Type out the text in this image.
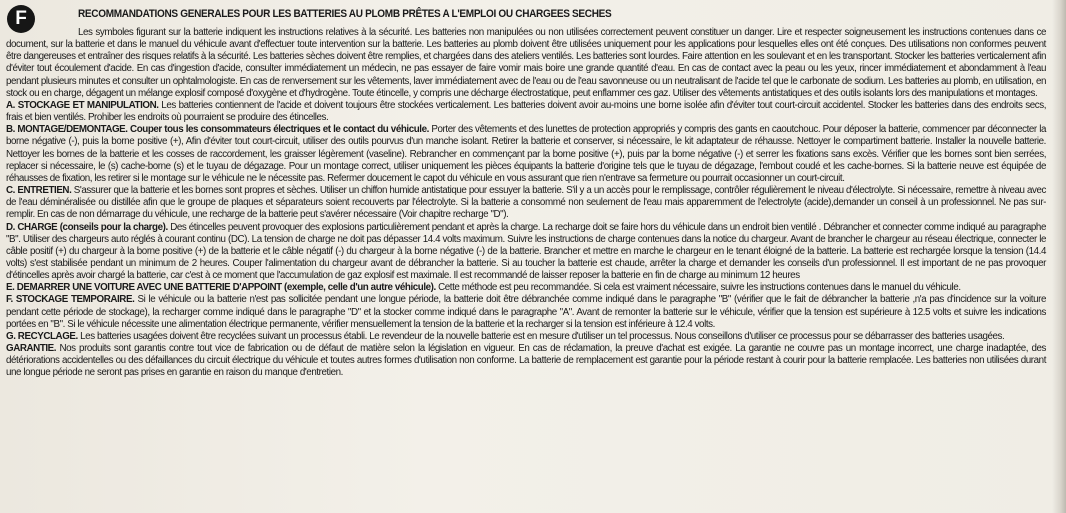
F	RECOMMANDATIONS GENERALES POUR LES BATTERIES AU PLOMB PRÊTES A L'EMPLOI OU CHARGEES SECHES

Les symboles figurant sur la batterie indiquent les instructions relatives à la sécurité. Les batteries non manipulées ou non utilisées correctement peuvent constituer un danger. Lire et respecter soigneusement les instructions contenues dans ce document, sur la batterie et dans le manuel du véhicule avant d'effectuer toute intervention sur la batterie. Les batteries au plomb doivent être utilisées uniquement pour les applications pour lesquelles elles ont été conçues. Des utilisations non conformes peuvent être dangereuses et entraîner des risques relatifs à la sécurité. Les batteries sèches doivent être remplies, et chargées dans des ateliers ventilés. Les batteries sont lourdes. Faire attention en les soulevant et en les transportant. Stocker les batteries verticalement afin d'éviter tout écoulement d'acide. En cas d'ingestion d'acide, consulter immédiatement un médecin, ne pas essayer de faire vomir mais boire une grande quantité d'eau. En cas de contact avec la peau ou les yeux, rincer immédiatement et abondamment à l'eau pendant plusieurs minutes et consulter un ophtalmologiste. En cas de renversement sur les vêtements, laver immédiatement avec de l'eau ou de l'eau savonneuse ou un neutralisant de l'acide tel que le carbonate de sodium. Les batteries au plomb, en utilisation, en stock ou en charge, dégagent un mélange explosif composé d'oxygène et d'hydrogène. Toute étincelle, y compris une décharge électrostatique, peut enflammer ces gaz. Utiliser des vêtements antistatiques et des outils isolants lors des manipulations et montages.

A. STOCKAGE ET MANIPULATION. Les batteries contiennent de l'acide et doivent toujours être stockées verticalement. Les batteries doivent avoir au-moins une borne isolée afin d'éviter tout court-circuit accidentel. Stocker les batteries dans des endroits secs, frais et bien ventilés. Prohiber les endroits où pourraient se produire des étincelles.

B. MONTAGE/DEMONTAGE. Couper tous les consommateurs électriques et le contact du véhicule. Porter des vêtements et des lunettes de protection appropriés y compris des gants en caoutchouc. Pour déposer la batterie, commencer par déconnecter la borne négative (-), puis la borne positive (+), Afin d'éviter tout court-circuit, utiliser des outils pourvus d'un manche isolant. Retirer la batterie et conserver, si nécessaire, le kit adaptateur de réhausse. Nettoyer le compartiment batterie. Installer la nouvelle batterie. Nettoyer les bornes de la batterie et les cosses de raccordement, les graisser légèrement (vaseline). Rebrancher en commençant par la borne positive (+), puis par la borne négative (-) et serrer les fixations sans excès. Vérifier que les bornes sont bien serrées, replacer si nécessaire, le (s) cache-borne (s) et le tuyau de dégazage. Pour un montage correct, utiliser uniquement les pièces équipants la batterie d'origine tels que le tuyau de dégazage, l'embout coudé et les cache-bornes. Si la batterie neuve est équipée de réhausses de fixation, les retirer si le montage sur le véhicule ne le nécessite pas. Refermer doucement le capot du véhicule en vous assurant que rien n'entrave sa fermeture ou pourrait occasionner un court-circuit.

C. ENTRETIEN. S'assurer que la batterie et les bornes sont propres et sèches. Utiliser un chiffon humide antistatique pour essuyer la batterie. S'il y a un accès pour le remplissage, contrôler régulièrement le niveau d'électrolyte. Si nécessaire, remettre à niveau avec de l'eau déminéralisée ou distillée afin que le groupe de plaques et séparateurs soient recouverts par l'électrolyte. Si la batterie a consommé non seulement de l'eau mais apparemment de l'electrolyte (acide),demander un conseil à un professionnel. Ne pas sur-remplir. En cas de non démarrage du véhicule, une recharge de la batterie peut s'avérer nécessaire (Voir chapitre recharge "D").

D. CHARGE (conseils pour la charge). Des étincelles peuvent provoquer des explosions particulièrement pendant et après la charge. La recharge doit se faire hors du véhicule dans un endroit bien ventilé . Débrancher et connecter comme indiqué au paragraphe "B". Utiliser des chargeurs auto réglés à courant continu (DC). La tension de charge ne doit pas dépasser 14.4 volts maximum. Suivre les instructions de charge contenues dans la notice du chargeur. Avant de brancher le chargeur au réseau électrique, connecter le câble positif (+) du chargeur à la borne positive (+) de la batterie et le câble négatif (-) du chargeur à la borne négative (-) de la batterie. Brancher et mettre en marche le chargeur en le tenant éloigné de la batterie. La batterie est rechargée lorsque la tension (14.4 volts) s'est stabilisée pendant un minimum de 2 heures. Couper l'alimentation du chargeur avant de débrancher la batterie. Si au toucher la batterie est chaude, arrêter la charge et demander les conseils d'un professionnel. Il est important de ne pas provoquer d'étincelles après avoir chargé la batterie, car c'est à ce moment que l'accumulation de gaz explosif est maximale. Il est recommandé de laisser reposer la batterie en fin de charge au minimum 12 heures

E. DEMARRER UNE VOITURE AVEC UNE BATTERIE D'APPOINT (exemple, celle d'un autre véhicule). Cette méthode est peu recommandée. Si cela est vraiment nécessaire, suivre les instructions contenues dans le manuel du véhicule.

F. STOCKAGE TEMPORAIRE. Si le véhicule ou la batterie n'est pas sollicitée pendant une longue période, la batterie doit être débranchée comme indiqué dans le paragraphe "B" (vérifier que le fait de débrancher la batterie ,n'a pas d'incidence sur la voiture pendant cette période de stockage), la recharger comme indiqué dans le paragraphe "D" et la stocker comme indiqué dans le paragraphe "A". Avant de remonter la batterie sur le véhicule, vérifier que la tension est supérieure à 12.5 volts et suivre les indications portées en "B". Si le véhicule nécessite une alimentation électrique permanente, vérifier mensuellement la tension de la batterie et la recharger si la tension est inférieure à 12.4 volts.

G. RECYCLAGE. Les batteries usagées doivent être recyclées suivant un processus établi. Le revendeur de la nouvelle batterie est en mesure d'utiliser un tel processus. Nous conseillons d'utiliser ce processus pour se débarrasser des batteries usagées.
GARANTIE. Nos produits sont garantis contre tout vice de fabrication ou de défaut de matière selon la législation en vigueur. En cas de réclamation, la preuve d'achat est exigée. La garantie ne couvre pas un montage incorrect, une charge inadaptée, des détériorations accidentelles ou des défaillances du circuit électrique du véhicule et toutes autres formes d'utilisation non conforme. La batterie de remplacement est garantie pour la période restant à courir pour la batterie remplacée. Les batteries non utilisées durant une longue période ne seront pas prises en garantie en raison du manque d'entretien.
